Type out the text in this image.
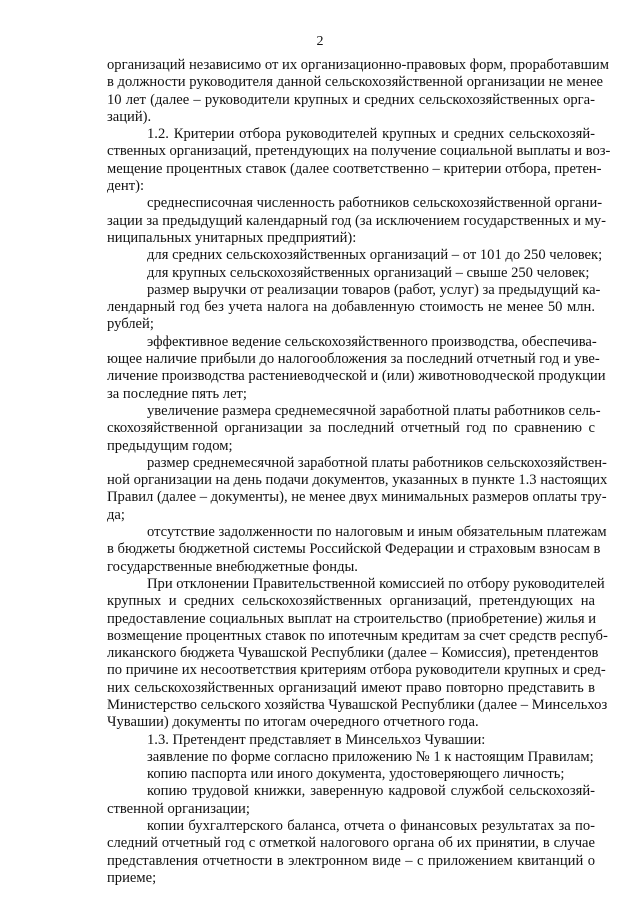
2
организаций независимо от их организационно-правовых форм, проработавшим
в должности руководителя данной сельскохозяйственной организации не менее
10 лет (далее – руководители крупных и средних сельскохозяйственных орга-
заций).
1.2. Критерии отбора руководителей крупных и средних сельскохозяй-
ственных организаций, претендующих на получение социальной выплаты и воз-
мещение процентных ставок (далее соответственно – критерии отбора, претен-
дент):
среднесписочная численность работников сельскохозяйственной органи-
зации за предыдущий календарный год (за исключением государственных и му-
ниципальных унитарных предприятий):
для средних сельскохозяйственных организаций – от 101 до 250 человек;
для крупных сельскохозяйственных организаций – свыше 250 человек;
размер выручки от реализации товаров (работ, услуг) за предыдущий ка-
лендарный год без учета налога на добавленную стоимость не менее 50 млн.
рублей;
эффективное ведение сельскохозяйственного производства, обеспечива-
ющее наличие прибыли до налогообложения за последний отчетный год и уве-
личение производства растениеводческой и (или) животноводческой продукции
за последние пять лет;
увеличение размера среднемесячной заработной платы работников сель-
скохозяйственной организации за последний отчетный год по сравнению с
предыдущим годом;
размер среднемесячной заработной платы работников сельскохозяйствен-
ной организации на день подачи документов, указанных в пункте 1.3 настоящих
Правил (далее – документы), не менее двух минимальных размеров оплаты тру-
да;
отсутствие задолженности по налоговым и иным обязательным платежам
в бюджеты бюджетной системы Российской Федерации и страховым взносам в
государственные внебюджетные фонды.
При отклонении Правительственной комиссией по отбору руководителей
крупных и средних сельскохозяйственных организаций, претендующих на
предоставление социальных выплат на строительство (приобретение) жилья и
возмещение процентных ставок по ипотечным кредитам за счет средств респуб-
ликанского бюджета Чувашской Республики (далее – Комиссия), претендентов
по причине их несоответствия критериям отбора руководители крупных и сред-
них сельскохозяйственных организаций имеют право повторно представить в
Министерство сельского хозяйства Чувашской Республики (далее – Минсельхоз
Чувашии) документы по итогам очередного отчетного года.
1.3. Претендент представляет в Минсельхоз Чувашии:
заявление по форме согласно приложению № 1 к настоящим Правилам;
копию паспорта или иного документа, удостоверяющего личность;
копию трудовой книжки, заверенную кадровой службой сельскохозяй-
ственной организации;
копии бухгалтерского баланса, отчета о финансовых результатах за по-
следний отчетный год с отметкой налогового органа об их принятии, в случае
представления отчетности в электронном виде – с приложением квитанций о
приеме;
